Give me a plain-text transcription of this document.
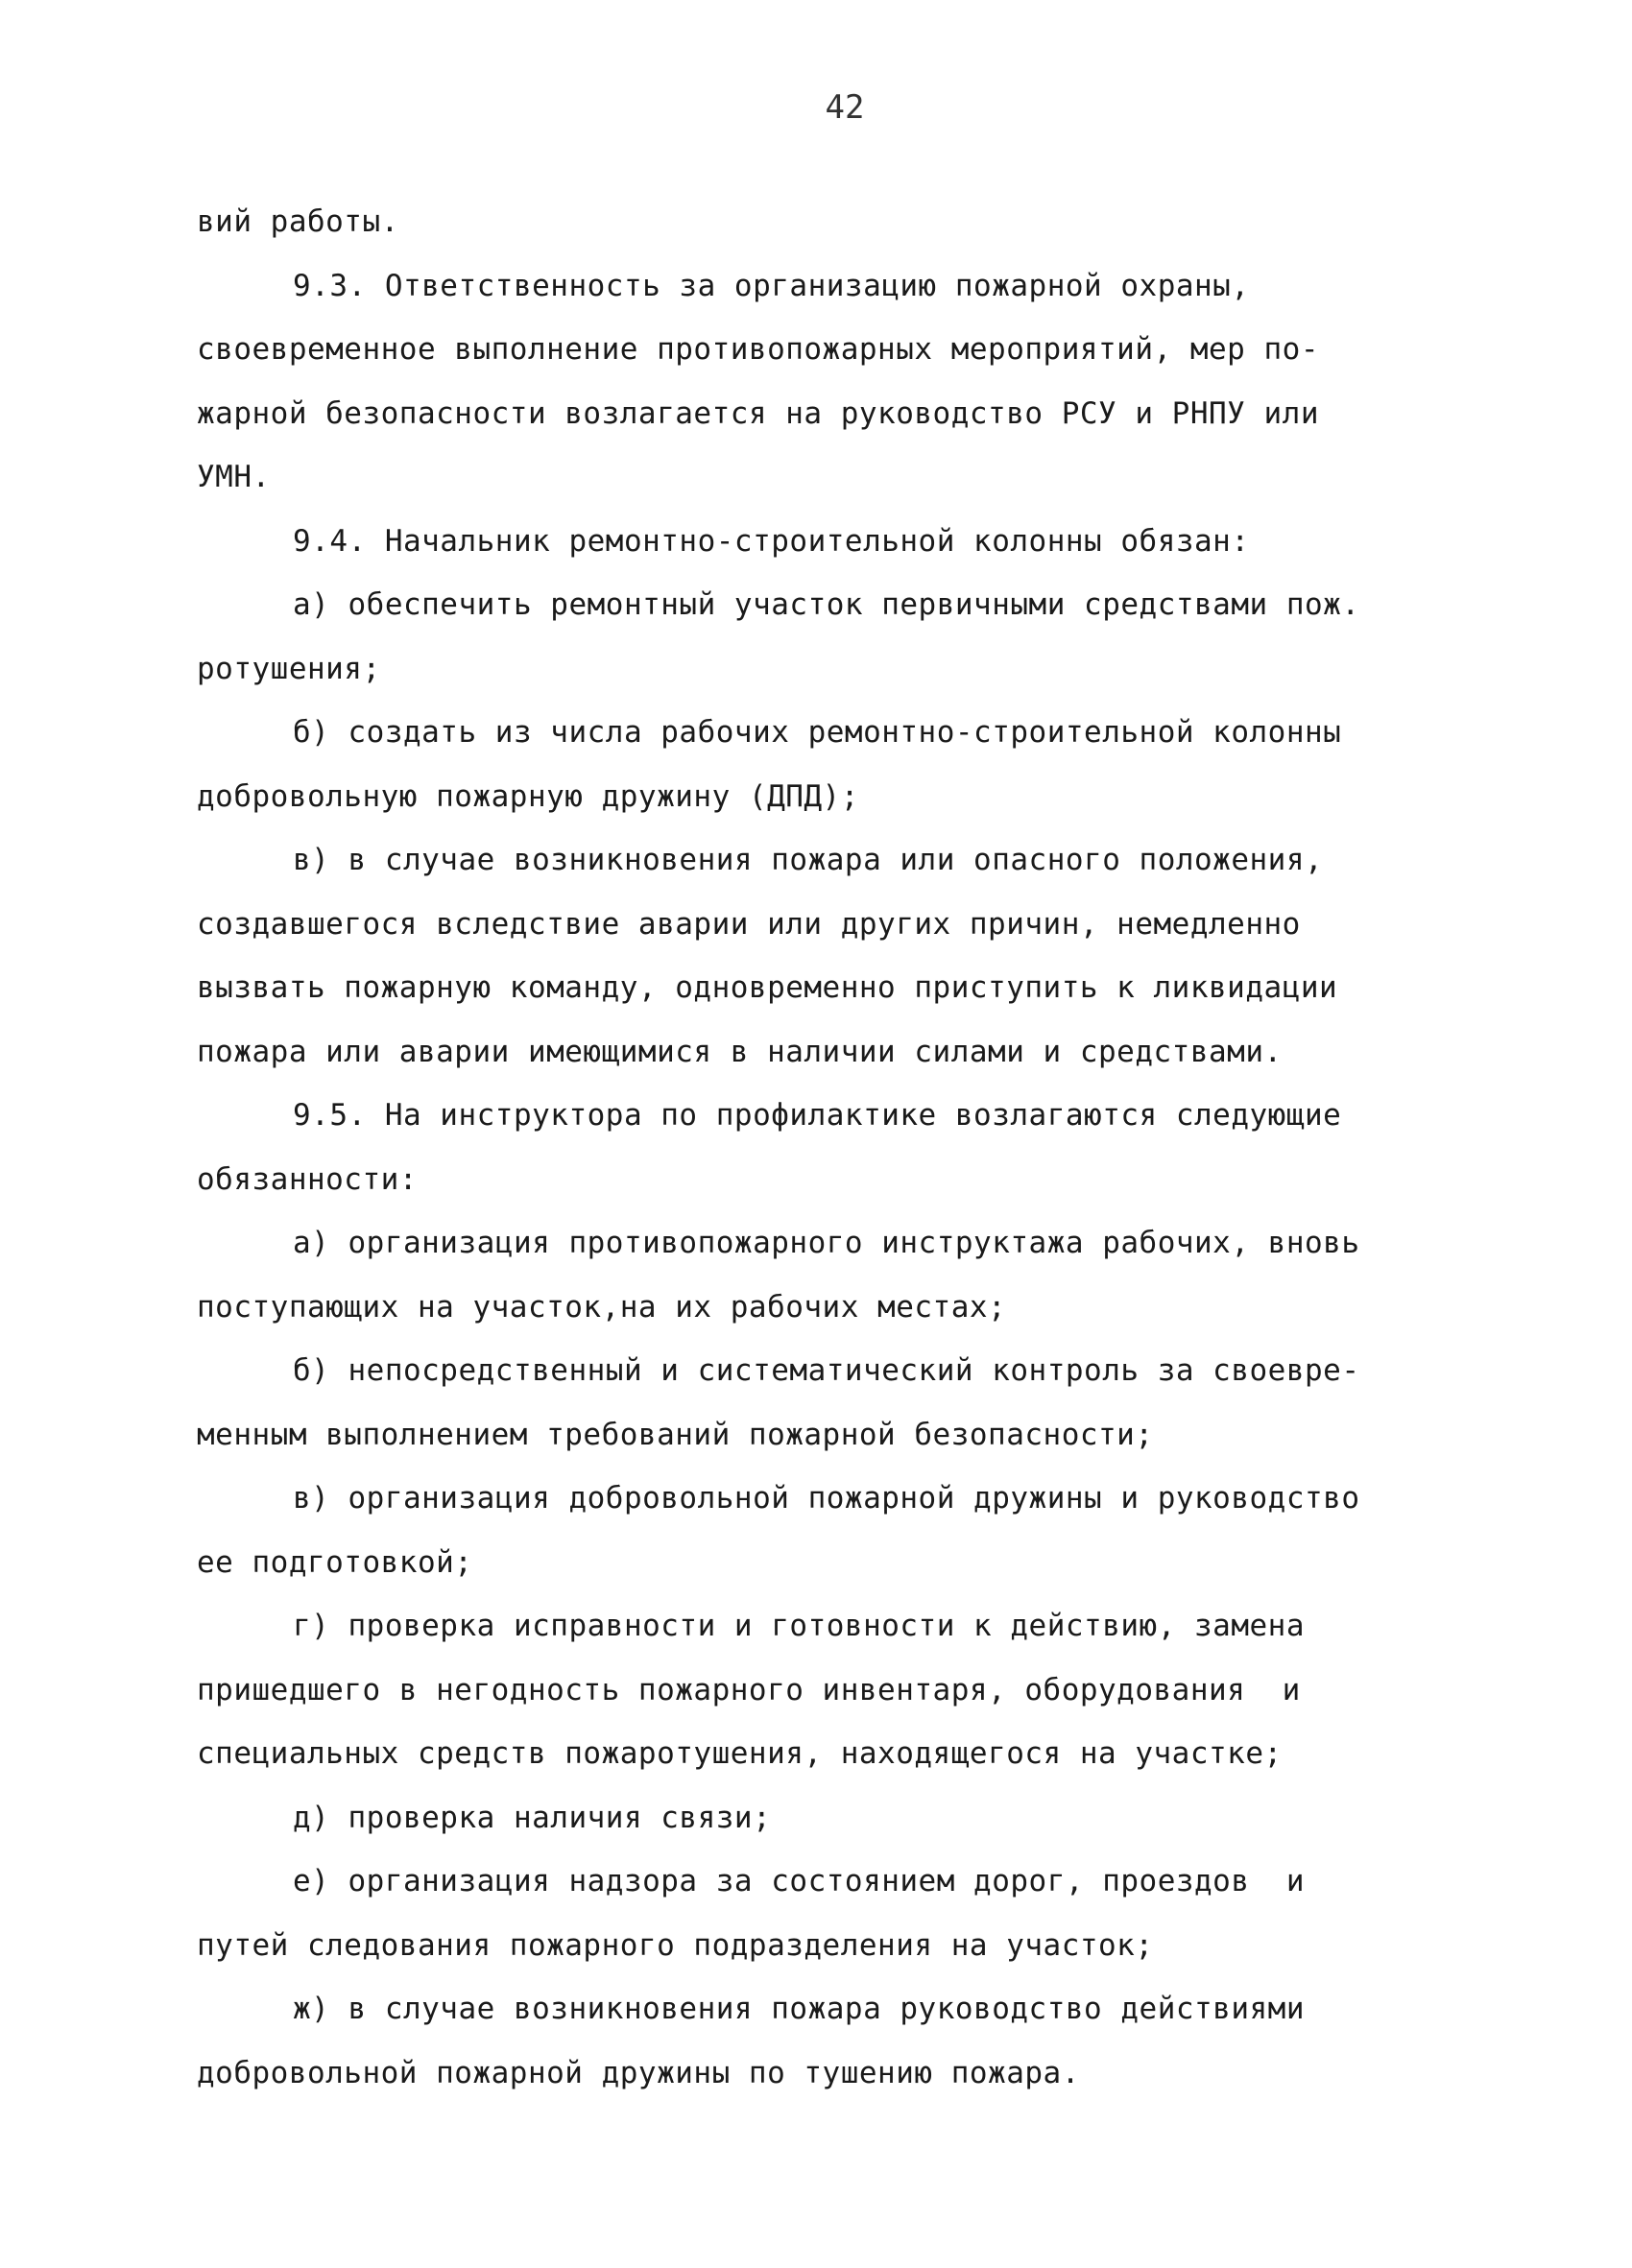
42
вий работы.
9.3. Ответственность за организацию пожарной охраны,
своевременное выполнение противопожарных мероприятий, мер по-
жарной безопасности возлагается на руководство РСУ и РНПУ или
УМН.
9.4. Начальник ремонтно-строительной колонны обязан:
а) обеспечить ремонтный участок первичными средствами пож.
ротушения;
б) создать из числа рабочих ремонтно-строительной колонны
добровольную пожарную дружину (ДПД);
в) в случае возникновения пожара или опасного положения,
создавшегося вследствие аварии или других причин, немедленно
вызвать пожарную команду, одновременно приступить к ликвидации
пожара или аварии имеющимися в наличии силами и средствами.
9.5. На инструктора по профилактике возлагаются следующие
обязанности:
а) организация противопожарного инструктажа рабочих, вновь
поступающих на участок,на их рабочих местах;
б) непосредственный и систематический контроль за своевре-
менным выполнением требований пожарной безопасности;
в) организация добровольной пожарной дружины и руководство
ее подготовкой;
г) проверка исправности и готовности к действию, замена
пришедшего в негодность пожарного инвентаря, оборудования  и
специальных средств пожаротушения, находящегося на участке;
д) проверка наличия связи;
е) организация надзора за состоянием дорог, проездов  и
путей следования пожарного подразделения на участок;
ж) в случае возникновения пожара руководство действиями
добровольной пожарной дружины по тушению пожара.
